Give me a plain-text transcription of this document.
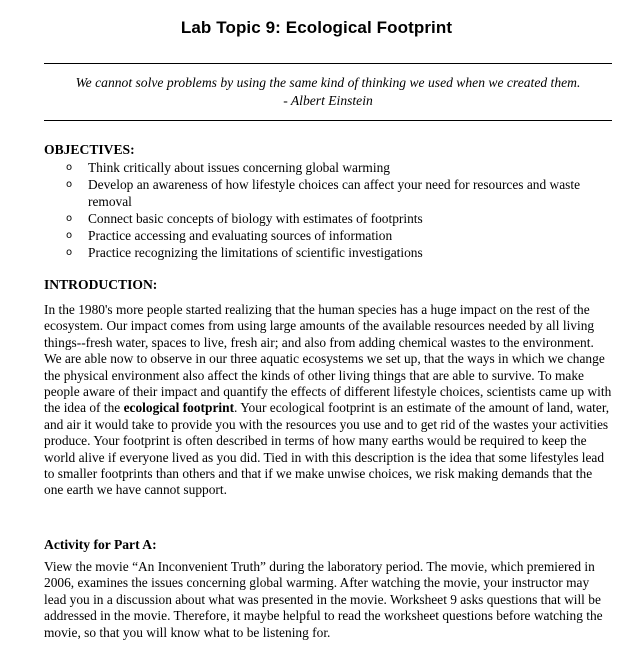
Lab Topic 9: Ecological Footprint
We cannot solve problems by using the same kind of thinking we used when we created them.
- Albert Einstein
OBJECTIVES:
o Think critically about issues concerning global warming
o Develop an awareness of how lifestyle choices can affect your need for resources and waste removal
o Connect basic concepts of biology with estimates of footprints
o Practice accessing and evaluating sources of information
o Practice recognizing the limitations of scientific investigations
INTRODUCTION:

In the 1980's more people started realizing that the human species has a huge impact on the rest of the ecosystem. Our impact comes from using large amounts of the available resources needed by all living things--fresh water, spaces to live, fresh air; and also from adding chemical wastes to the environment. We are able now to observe in our three aquatic ecosystems we set up, that the ways in which we change the physical environment also affect the kinds of other living things that are able to survive. To make people aware of their impact and quantify the effects of different lifestyle choices, scientists came up with the idea of the ecological footprint. Your ecological footprint is an estimate of the amount of land, water, and air it would take to provide you with the resources you use and to get rid of the wastes your activities produce. Your footprint is often described in terms of how many earths would be required to keep the world alive if everyone lived as you did. Tied in with this description is the idea that some lifestyles lead to smaller footprints than others and that if we make unwise choices, we risk making demands that the one earth we have cannot support.

Activity for Part A:

View the movie “An Inconvenient Truth” during the laboratory period. The movie, which premiered in 2006, examines the issues concerning global warming. After watching the movie, your instructor may lead you in a discussion about what was presented in the movie. Worksheet 9 asks questions that will be addressed in the movie. Therefore, it maybe helpful to read the worksheet questions before watching the movie, so that you will know what to be listening for.
